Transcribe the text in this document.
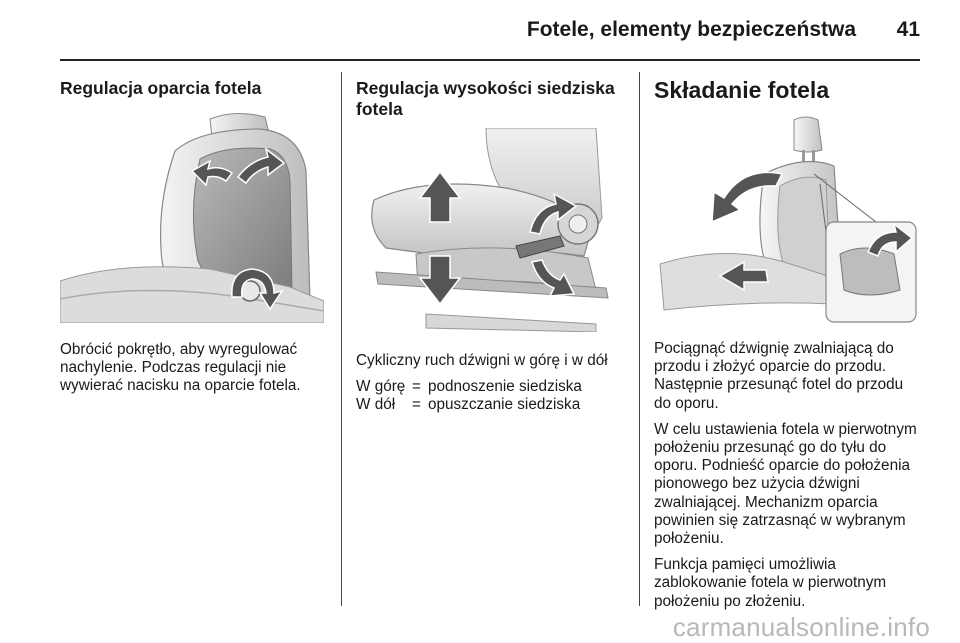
Fotele, elementy bezpieczeństwa	41
Regulacja oparcia fotela

Obrócić pokrętło, aby wyregulować nachylenie. Podczas regulacji nie wywierać nacisku na oparcie fotela.

Regulacja wysokości siedziska fotela

Cykliczny ruch dźwigni w górę i w dół

W górę = podnoszenie siedziska
W dół	= opuszczanie siedziska
Składanie fotela

Pociągnąć dźwignię zwalniającą do przodu i złożyć oparcie do przodu. Następnie przesunąć fotel do przodu do oporu.

W celu ustawienia fotela w pierwotnym położeniu przesunąć go do tyłu do oporu. Podnieść oparcie do położenia pionowego bez użycia dźwigni zwalniającej. Mechanizm oparcia powinien się zatrzasnąć w wybranym położeniu.

Funkcja pamięci umożliwia zablokowanie fotela w pierwotnym położeniu po złożeniu.

carmanualsonline.info
